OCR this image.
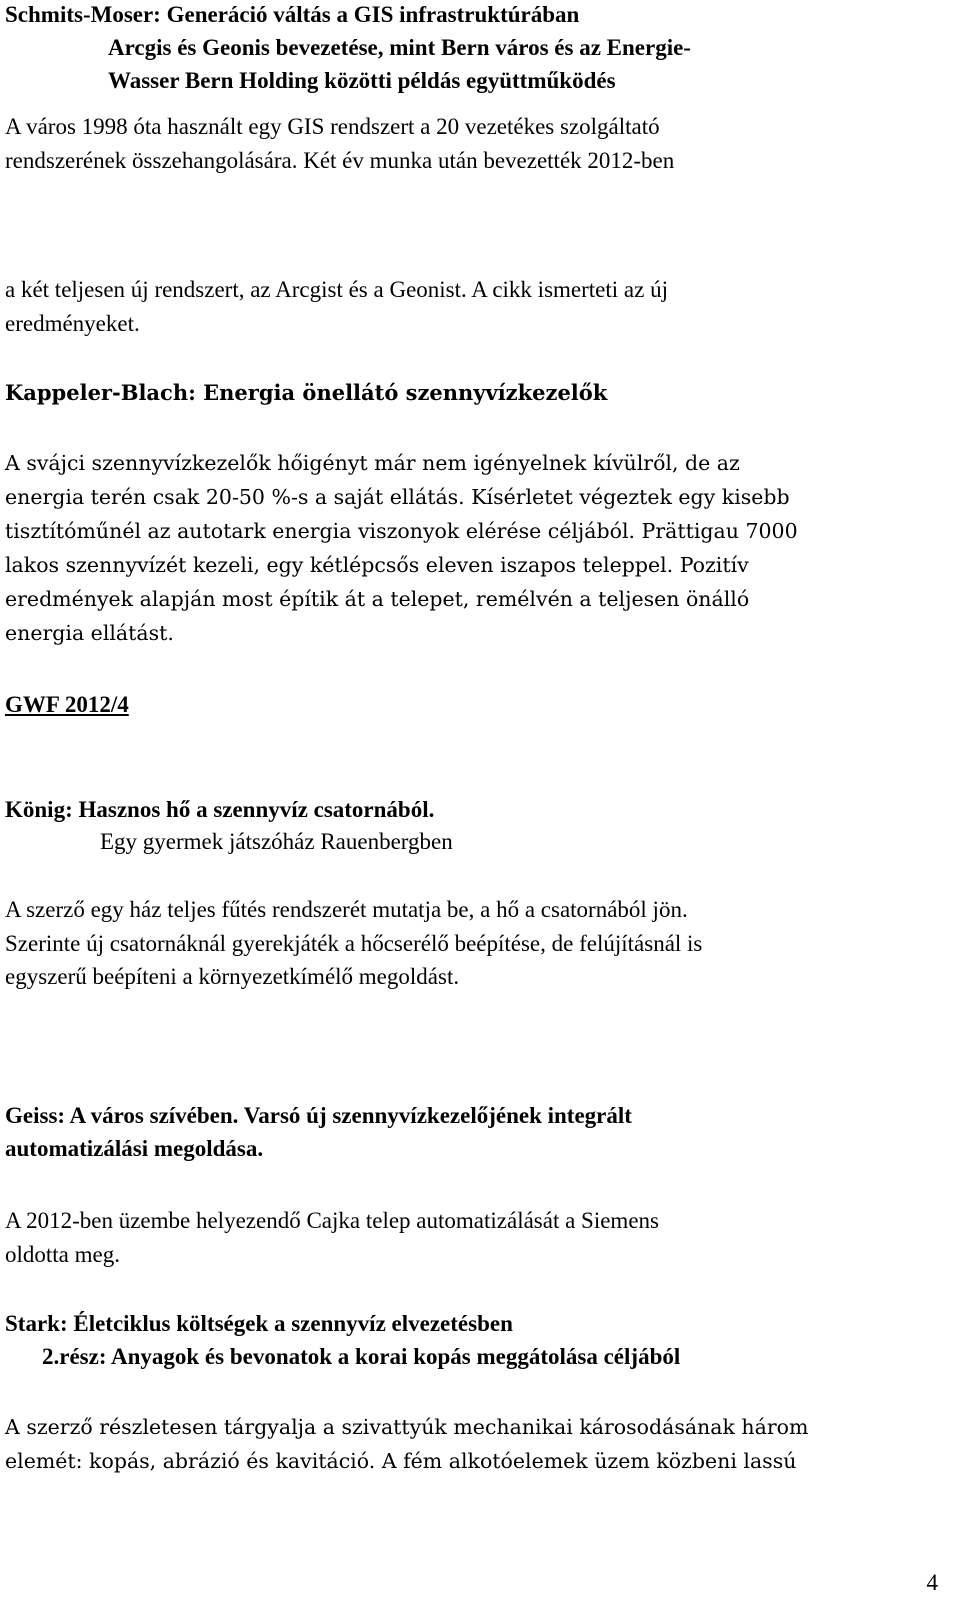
Schmits-Moser: Generáció váltás a GIS infrastruktúrában
Arcgis és Geonis bevezetése, mint Bern város és az Energie-
Wasser Bern Holding közötti példás együttműködés
A város 1998 óta használt egy GIS rendszert a 20 vezetékes szolgáltató
rendszerének összehangolására. Két év munka után bevezették 2012-ben
a két teljesen új rendszert, az Arcgist és a Geonist. A cikk ismerteti az új
eredményeket.
Kappeler-Blach: Energia önellátó szennyvízkezelők
A svájci szennyvízkezelők hőigényt már nem igényelnek kívülről, de az
energia terén csak 20-50 %-s a saját ellátás. Kísérletet végeztek egy kisebb
tisztítóműnél az autotark energia viszonyok elérése céljából. Prättigau 7000
lakos szennyvízét kezeli, egy kétlépcsős eleven iszapos teleppel. Pozitív
eredmények alapján most építik át a telepet, remélvén a teljesen önálló
energia ellátást.
GWF 2012/4
König: Hasznos hő a szennyvíz csatornából.
Egy gyermek játszóház Rauenbergben
A szerző egy ház teljes fűtés rendszerét mutatja be, a hő a csatornából jön.
Szerinte új csatornáknál gyerekjáték a hőcserélő beépítése, de felújításnál is
egyszerű beépíteni a környezetkímélő megoldást.
Geiss: A város szívében. Varsó új szennyvízkezelőjének integrált
automatizálási megoldása.
A 2012-ben üzembe helyezendő Cajka telep automatizálását a Siemens
oldotta meg.
Stark: Életciklus költségek a szennyvíz elvezetésben
2.rész: Anyagok és bevonatok a korai kopás meggátolása céljából
A szerző részletesen tárgyalja a szivattyúk mechanikai károsodásának három
elemét: kopás, abrázió és kavitáció. A fém alkotóelemek üzem közbeni lassú
4
